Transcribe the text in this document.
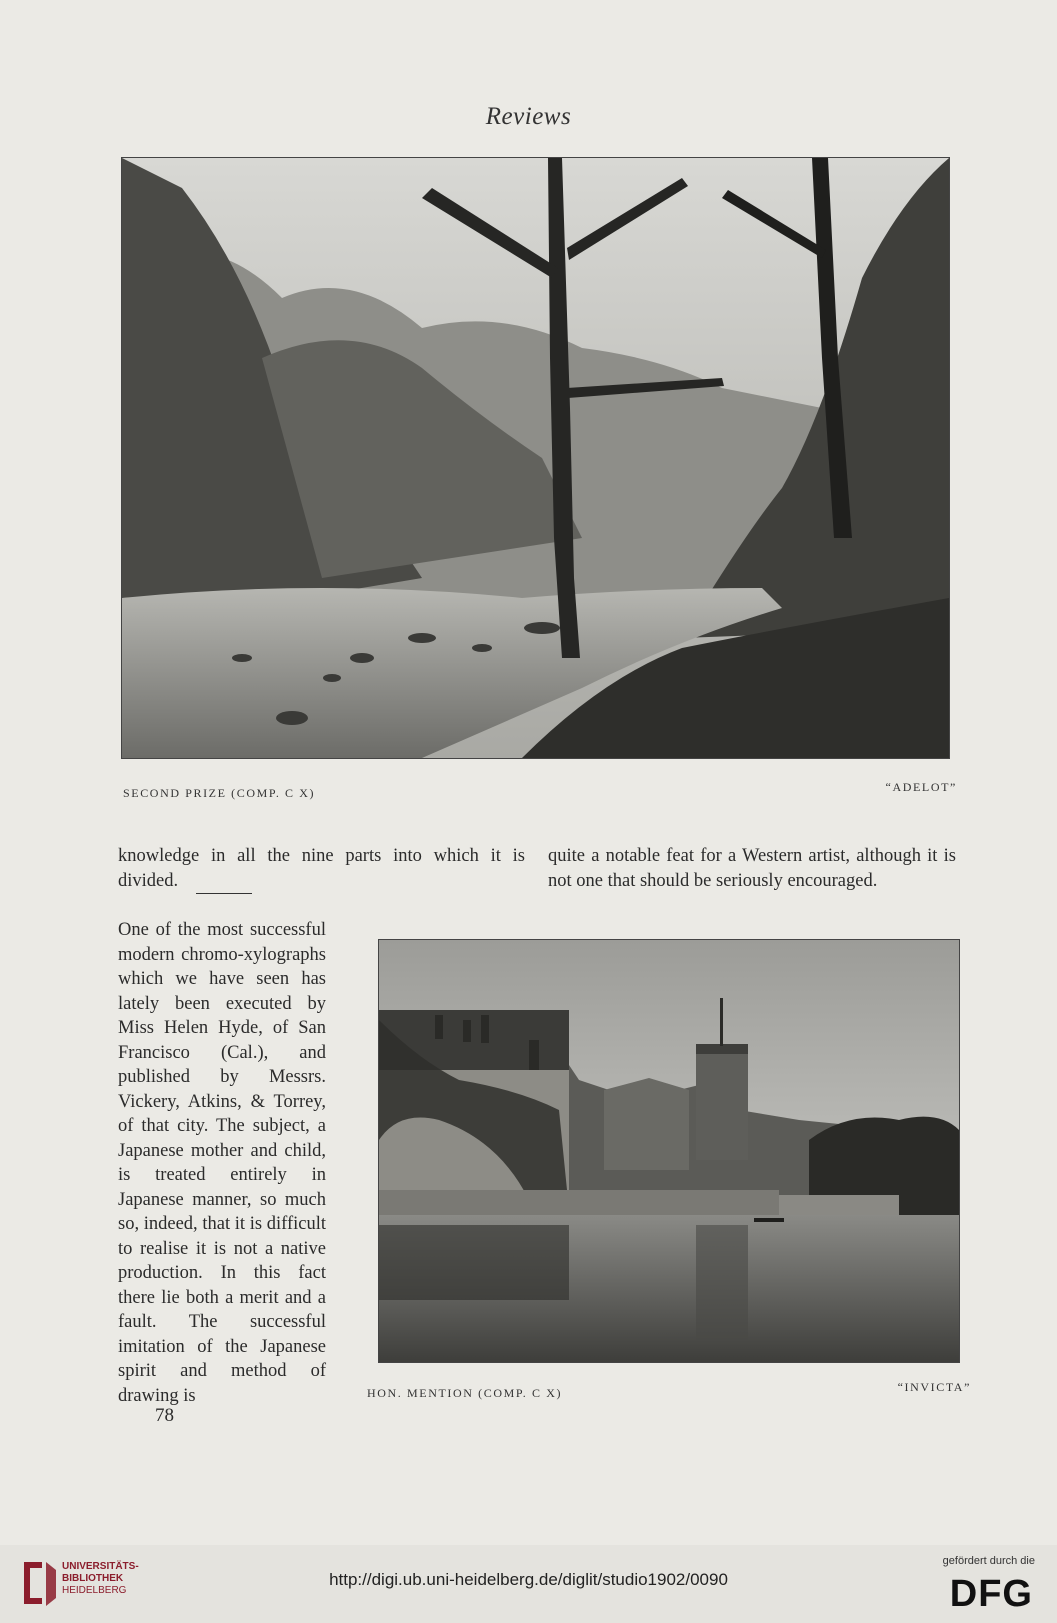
Reviews
SECOND PRIZE (COMP. C X)	“ADELOT”
knowledge in all the nine parts into which it is divided.
quite a notable feat for a Western artist, although it is not one that should be seriously encouraged.
One of the most successful modern chromo-xylographs which we have seen has lately been executed by Miss Helen Hyde, of San Francisco (Cal.), and published by Messrs. Vickery, Atkins, & Torrey, of that city. The subject, a Japanese mother and child, is treated entirely in Japanese manner, so much so, indeed, that it is difficult to realise it is not a native production. In this fact there lie both a merit and a fault. The successful imitation of the Japanese spirit and method of drawing is	HON. MENTION (COMP. C X)	“INVICTA”
78
UNIVERSITÄTS-
BIBLIOTHEK
HEIDELBERG
http://digi.ub.uni-heidelberg.de/diglit/studio1902/0090
gefördert durch die
DFG
